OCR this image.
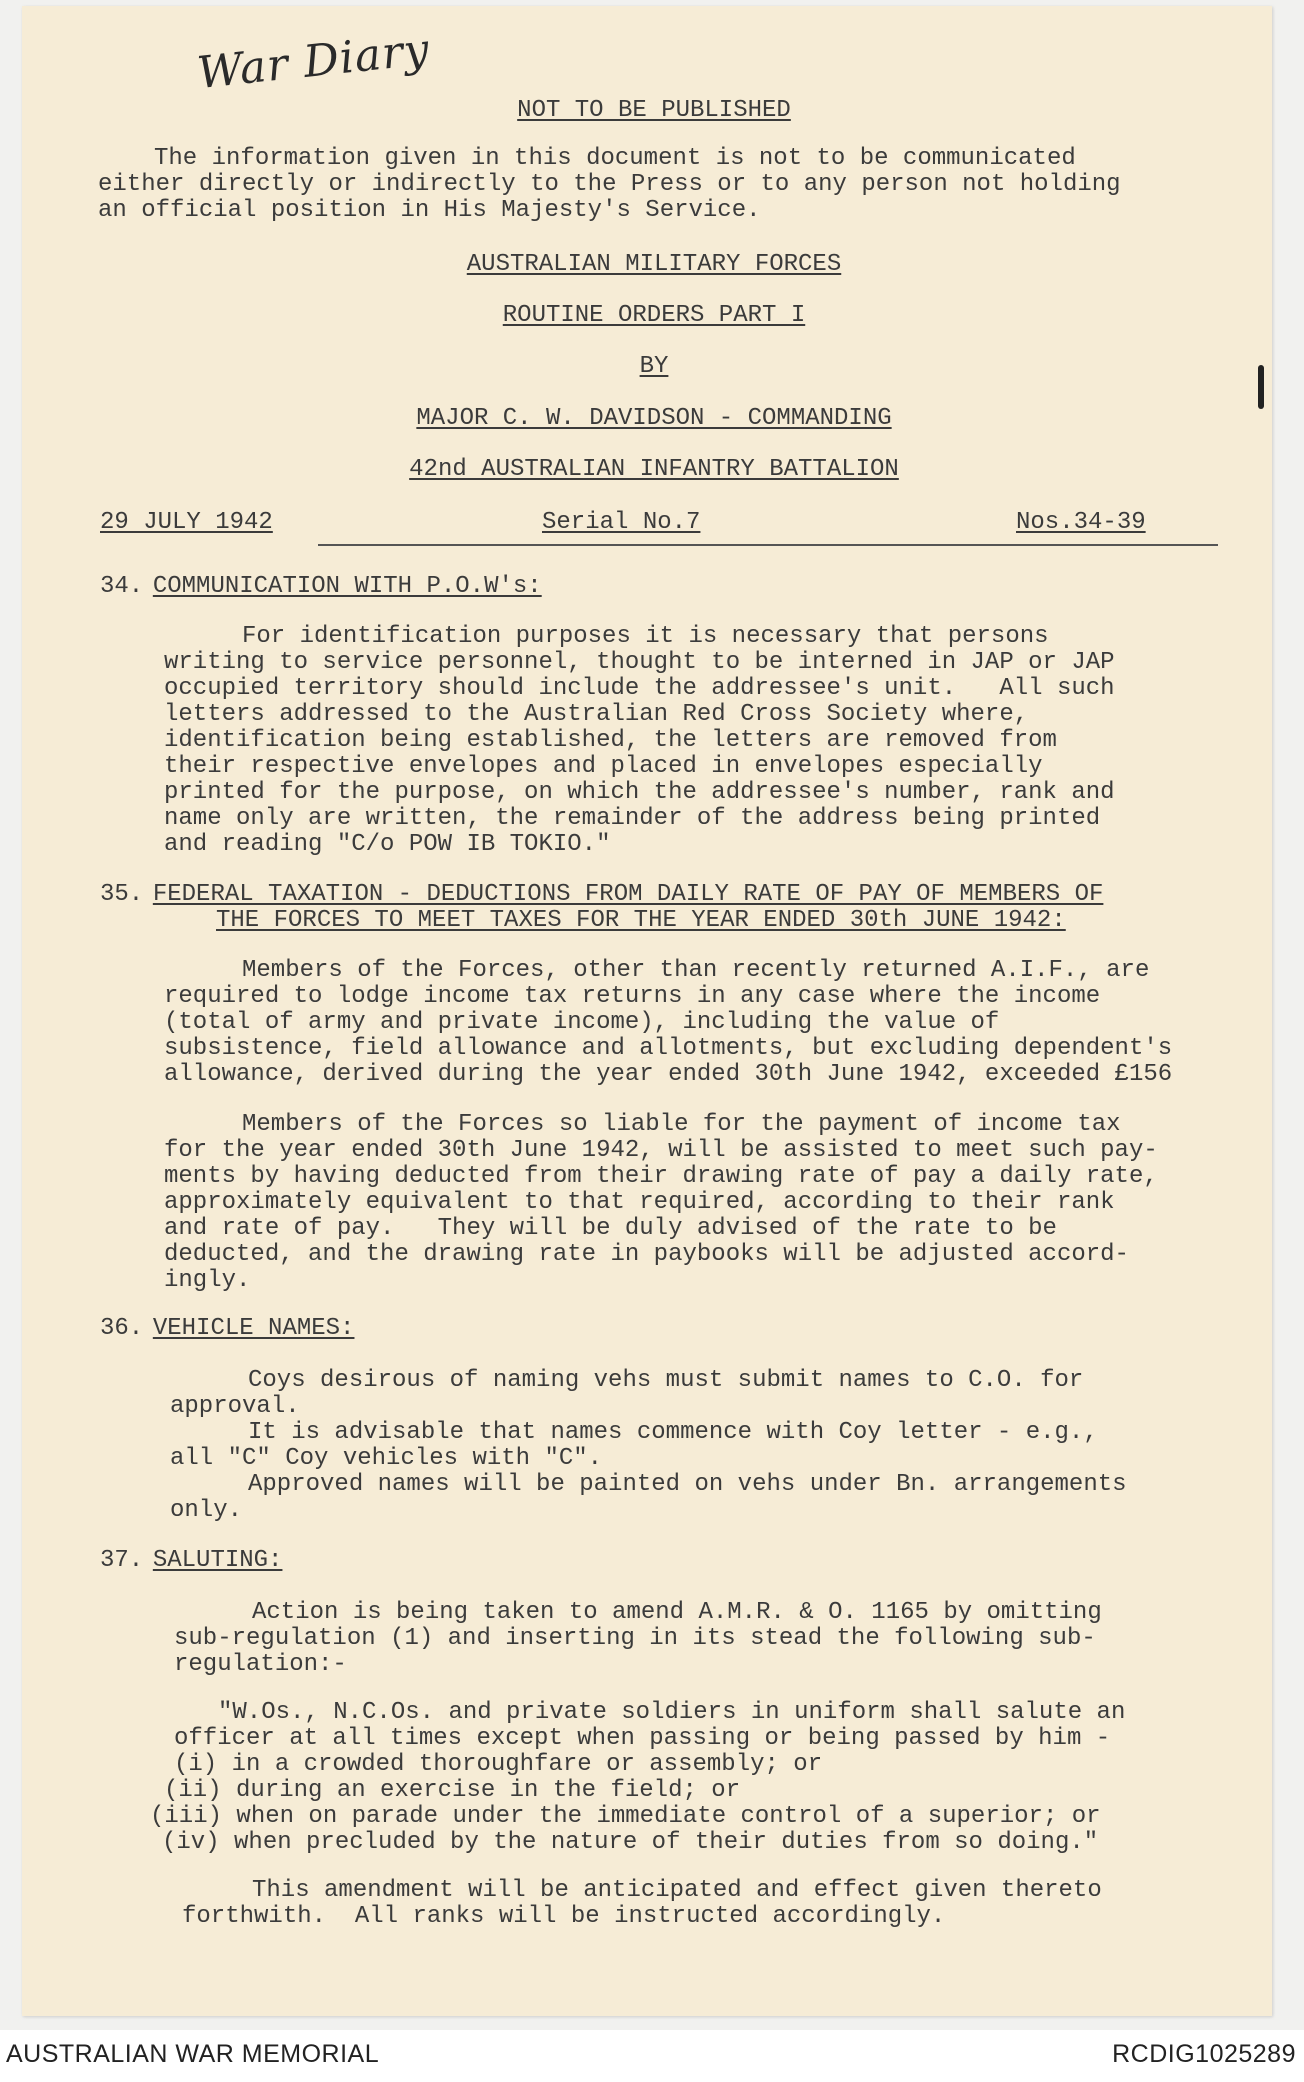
War Diary
NOT TO BE PUBLISHED
The information given in this document is not to be communicated
either directly or indirectly to the Press or to any person not holding
an official position in His Majesty's Service.
AUSTRALIAN MILITARY FORCES
ROUTINE ORDERS PART I
BY
MAJOR C. W. DAVIDSON - COMMANDING
42nd AUSTRALIAN INFANTRY BATTALION
29 JULY 1942	Serial No.7	Nos.34-39
34. COMMUNICATION WITH P.O.W's:
For identification purposes it is necessary that persons
writing to service personnel, thought to be interned in JAP or JAP
occupied territory should include the addressee's unit.   All such
letters addressed to the Australian Red Cross Society where,
identification being established, the letters are removed from
their respective envelopes and placed in envelopes especially
printed for the purpose, on which the addressee's number, rank and
name only are written, the remainder of the address being printed
and reading "C/o POW IB TOKIO."
35. FEDERAL TAXATION - DEDUCTIONS FROM DAILY RATE OF PAY OF MEMBERS OF
THE FORCES TO MEET TAXES FOR THE YEAR ENDED 30th JUNE 1942:
Members of the Forces, other than recently returned A.I.F., are
required to lodge income tax returns in any case where the income
(total of army and private income), including the value of
subsistence, field allowance and allotments, but excluding dependent's
allowance, derived during the year ended 30th June 1942, exceeded £156
Members of the Forces so liable for the payment of income tax
for the year ended 30th June 1942, will be assisted to meet such pay-
ments by having deducted from their drawing rate of pay a daily rate,
approximately equivalent to that required, according to their rank
and rate of pay.   They will be duly advised of the rate to be
deducted, and the drawing rate in paybooks will be adjusted accord-
ingly.
36. VEHICLE NAMES:
Coys desirous of naming vehs must submit names to C.O. for
approval.
It is advisable that names commence with Coy letter - e.g.,
all "C" Coy vehicles with "C".
Approved names will be painted on vehs under Bn. arrangements
only.
37. SALUTING:
Action is being taken to amend A.M.R. & O. 1165 by omitting
sub-regulation (1) and inserting in its stead the following sub-
regulation:-
"W.Os., N.C.Os. and private soldiers in uniform shall salute an
officer at all times except when passing or being passed by him -
(i) in a crowded thoroughfare or assembly; or
(ii) during an exercise in the field; or
(iii) when on parade under the immediate control of a superior; or
(iv) when precluded by the nature of their duties from so doing."
This amendment will be anticipated and effect given thereto
forthwith.  All ranks will be instructed accordingly.
AUSTRALIAN WAR MEMORIAL	RCDIG1025289
